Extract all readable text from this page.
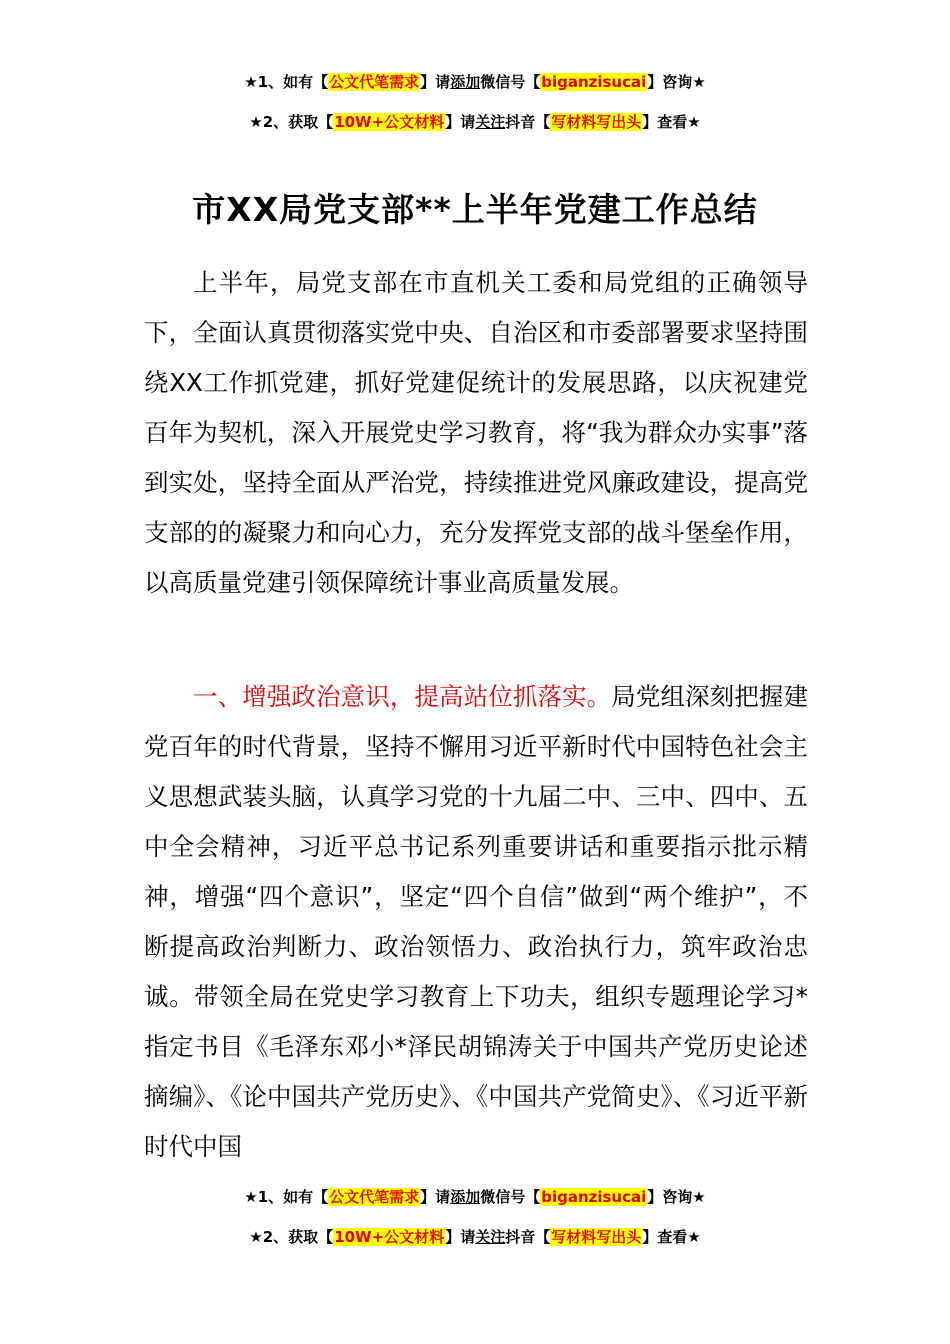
★1、如有【公文代笔需求】请添加微信号【biganzisucai】咨询★
★2、获取【10W+公文材料】请关注抖音【写材料写出头】查看★
市XX局党支部**上半年党建工作总结

上半年，局党支部在市直机关工委和局党组的正确领导下，全面认真贯彻落实党中央、自治区和市委部署要求坚持围绕XX工作抓党建，抓好党建促统计的发展思路，以庆祝建党百年为契机，深入开展党史学习教育，将“我为群众办实事”落到实处，坚持全面从严治党，持续推进党风廉政建设，提高党支部的的凝聚力和向心力，充分发挥党支部的战斗堡垒作用，以高质量党建引领保障统计事业高质量发展。

一、增强政治意识，提高站位抓落实。局党组深刻把握建党百年的时代背景，坚持不懈用习近平新时代中国特色社会主义思想武装头脑，认真学习党的十九届二中、三中、四中、五中全会精神，习近平总书记系列重要讲话和重要指示批示精神，增强“四个意识”，坚定“四个自信”做到“两个维护”，不断提高政治判断力、政治领悟力、政治执行力，筑牢政治忠诚。带领全局在党史学习教育上下功夫，组织专题理论学习*指定书目《毛泽东邓小*泽民胡锦涛关于中国共产党历史论述摘编》、《论中国共产党历史》、《中国共产党简史》、《习近平新时代中国

★1、如有【公文代笔需求】请添加微信号【biganzisucai】咨询★
★2、获取【10W+公文材料】请关注抖音【写材料写出头】查看★
